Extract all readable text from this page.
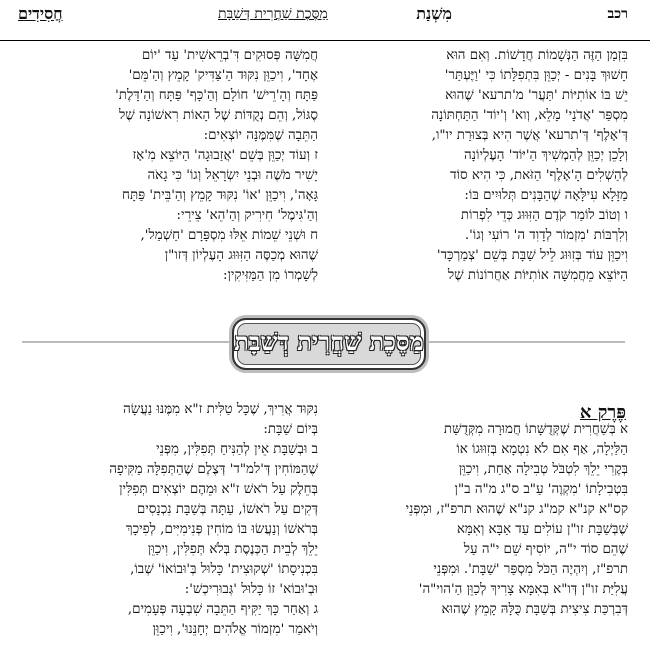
רכב
מִשְׁנַת
מַסֶּכֶת שַׁחֲרִית דְּשַׁבָּת
חֲסִידִים
בִּזְמַן הַזֶּה הַנְּשָׁמוֹת חֲדָשׁוֹת. וְאִם הוּא
חָשׁוּךְ בָּנִים - יְכַוֵּן בִּתְפִלָּתוֹ כִּי 'וַיֶּעְתַּר'
יֵשׁ בּוֹ אוֹתִיּוֹת 'תַּעֲר' מ'תרעא' שֶׁהוּא
מִסְפַּר 'אֲדֹנָי' מָלֵא, וְוא' וְ'יוֹד' הַתַּחְתּוֹנָה
דְּ'אָלֶף' דְּ'תרעא' אֲשֶׁר הִיא בְּצוּרַת יו"ו,
וְלָכֵן יְכַוֵּן לְהַמְשִׁיךְ הַ'יּוֹד' הָעֶלְיוֹנָה
לְהַשְׁלִים הָ'אָלֶף' הַזֹּאת, כִּי הִיא סוֹד
מַזָּלָא עִילָּאָה שֶׁהַבָּנִים תְּלוּיִים בּוֹ:
ו וְטוֹב לוֹמַר קֹדֶם הַזִּוּוּג כְּדֵי לִפְרוֹת
וְלִרְבּוֹת 'מִזְמוֹר לְדָוִד ה' רוֹעִי וְגוֹ'.
וִיכַוֵּן עוֹד בְּזִוּוּג לֵיל שַׁבָּת בְּשֵׁם 'צְמַרְכָּד'
הַיּוֹצֵא מֵחֲמִשָּׁה אוֹתִיּוֹת אַחֲרוֹנוֹת שֶׁל
חֲמִשָּׁה פְּסוּקִים דִּ'בְרֵאשִׁית' עַד 'יוֹם
אֶחָד', וִיכַוֵּן נִקּוּד הַ'צַּדִּיק' קָמֵץ וְהַ'מֵּם'
פַּתָּח וְהָ'רֵישׁ' חוֹלָם וְהַ'כָּף' פַּתָּח וְהַ'דָּלֶת'
סֶגּוֹל, וְהֵם נְקֻדּוֹת שֶׁל הָאוֹת רִאשׁוֹנָה שֶׁל
הַתֵּבָה שֶׁמִּמֶּנָּה יוֹצְאִים:
ז וְעוֹד יְכַוֵּן בְּשֵׁם 'אֲזַבוּגָה' הַיּוֹצֵא מִ'אָז
יָשִׁיר מֹשֶׁה וּבְנֵי יִשְׂרָאֵל וְגוֹ' כִּי גָאֹה
גָּאָה', וִיכַוֵּן 'אוֹ' נִקּוּד קָמֵץ וְהַ'בֵּית' פַּתָּח
וְהַ'גִּימֶל' חִירִיק וְהַ'הֵא' צֵירֵי:
ח וּשְׁנֵי שֵׁמוֹת אֵלּוּ מִסְפָּרָם 'חַשְׁמַל',
שֶׁהוּא מְכַסֶּה הַזִּוּוּג הָעֶלְיוֹן דְּזו"ן
לְשָׁמְרוֹ מִן הַמַּזִּיקִין:
מַסֶּכֶת שַׁחֲרִית דְּשַׁבָּת
פֶּרֶק א
א בְּשַׁחֲרִית שֶׁקְּדֻשָּׁתוֹ חֲמוּרָה מִקְּדֻשַּׁת
הַלַּיְלָה, אַף אִם לֹא נִטְמָא בְּזִוּוּגוֹ אוֹ
בְּקֶרִי יֵלֵךְ לִטְבֹּל טְבִילָה אַחַת, וִיכַוֵּן
בִּטְבִילָתוֹ 'מִקְוֶה' עַ"ב ס"ג מ"ה ב"ן
קס"א קנ"א קמ"ג קנ"א שֶׁהוּא תרפ"ז, וּמִפְּנֵי
שֶׁבְּשַׁבָּת זו"ן עוֹלִים עַד אַבָּא וְאִמָּא
שֶׁהֵם סוֹד י"ה, יוֹסִיף שֵׁם י"ה עַל
תרפ"ז, וְיִהְיֶה הַכֹּל מִסְפַּר 'שַׁבָּת'. וּמִפְּנֵי
עֲלִיַּת זו"ן דְּו"א בְּאִמָּא צָרִיךְ לְכַוֵּן הַ'הוי"ה'
דְּבִרְכַּת צִיצִית בְּשַׁבָּת כֻּלָּהּ קָמֵץ שֶׁהוּא
נִקּוּד אֲרִיךְ, שֶׁכָּל טַלִּית ז"א מִמֶּנּוּ נַעֲשָׂה
בְּיוֹם שַׁבָּת:
ב וּבְשַׁבָּת אֵין לְהַנִּיחַ תְּפִלִּין, מִפְּנֵי
שֶׁהַמּוֹחִין דְּ'למ"ד' דְּצֶלֶם שֶׁהַתְּפִלָּה מַקִּיפָה
בְּחֵלֶק עַל רֹאשׁ ז"א וּמֵהֶם יוֹצְאִים תְּפִלִּין
דְּקִים עַל רֹאשׁוֹ, עַתָּה בְּשַׁבָּת נִכְנָסִים
בְּרֹאשׁוֹ וְנַעֲשׂוּ בּוֹ מוֹחִין פְּנִימִיִּים, לְפִיכָךְ
יֵלֵךְ לְבֵית הַכְּנֶסֶת בְּלֹא תְּפִלִּין, וִיכַוֵּן
בִּכְנִיסָתוֹ 'שְׁקוּצִית' כָּלוּל בְּ'וּבוֹאוֹ' שְׁבוֹ,
וּבְ'וּבוֹא' זוֹ כָּלוּל 'גְּבוּרִיכְשׁ':
ג וְאַחַר כָּךְ יַקִּיף הַתֵּבָה שִׁבְעָה פְּעָמִים,
וְיֹאמַר 'מִזְמוֹר אֱלֹהִים יְחָנֵּנוּ', וִיכַוֵּן
